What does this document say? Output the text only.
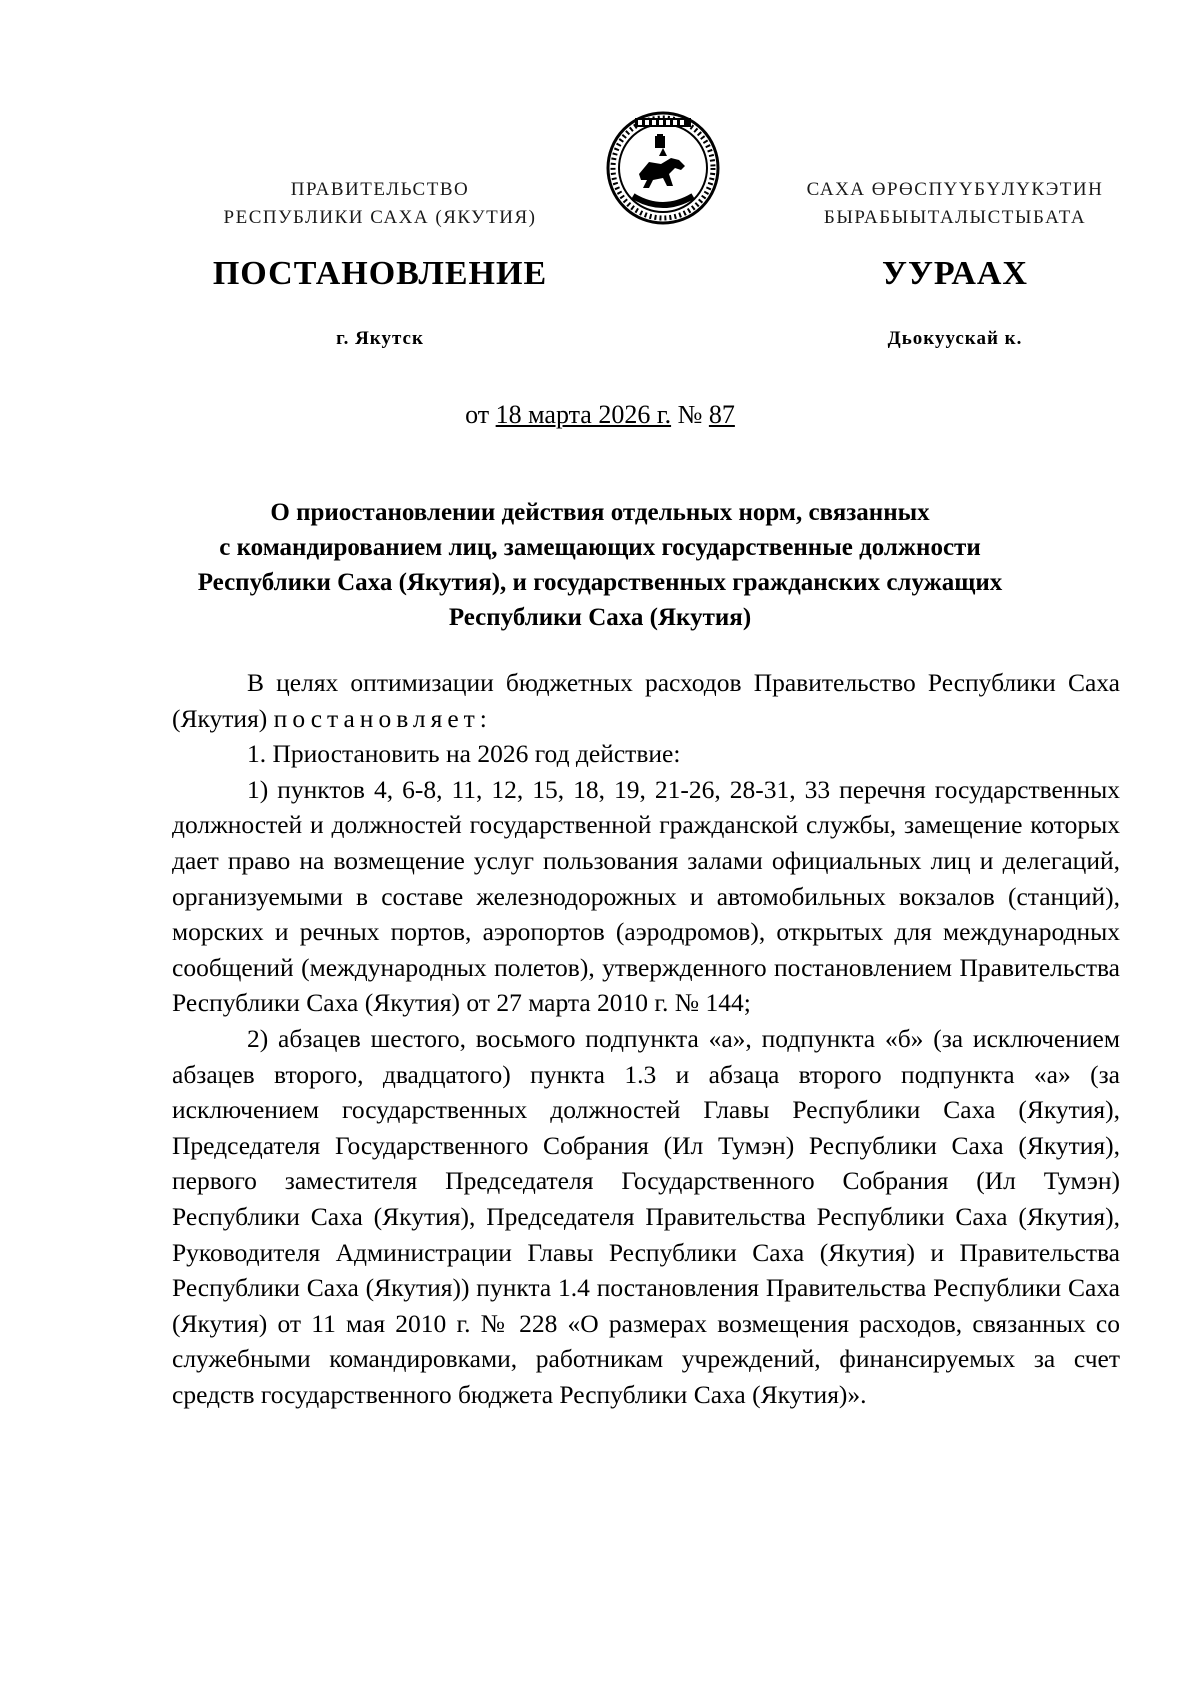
ПРАВИТЕЛЬСТВО
РЕСПУБЛИКИ САХА (ЯКУТИЯ)
САХА ӨРӨСПҮҮБҮЛҮКЭТИН
БЫРАБЫЫТАЛЫСТЫБАТА
ПОСТАНОВЛЕНИЕ	УУРААХ
г. Якутск	Дьокуускай к.
от 18 марта 2026 г. № 87
О приостановлении действия отдельных норм, связанных
с командированием лиц, замещающих государственные должности
Республики Саха (Якутия), и государственных гражданских служащих
Республики Саха (Якутия)

В целях оптимизации бюджетных расходов Правительство Республики Саха (Якутия) постановляет:

1. Приостановить на 2026 год действие:

1) пунктов 4, 6-8, 11, 12, 15, 18, 19, 21-26, 28-31, 33 перечня государственных должностей и должностей государственной гражданской службы, замещение которых дает право на возмещение услуг пользования залами официальных лиц и делегаций, организуемыми в составе железнодорожных и автомобильных вокзалов (станций), морских и речных портов, аэропортов (аэродромов), открытых для международных сообщений (международных полетов), утвержденного постановлением Правительства Республики Саха (Якутия) от 27 марта 2010 г. № 144;

2) абзацев шестого, восьмого подпункта «а», подпункта «б» (за исключением абзацев второго, двадцатого) пункта 1.3 и абзаца второго подпункта «а» (за исключением государственных должностей Главы Республики Саха (Якутия), Председателя Государственного Собрания (Ил Тумэн) Республики Саха (Якутия), первого заместителя Председателя Государственного Собрания (Ил Тумэн) Республики Саха (Якутия), Председателя Правительства Республики Саха (Якутия), Руководителя Администрации Главы Республики Саха (Якутия) и Правительства Республики Саха (Якутия)) пункта 1.4 постановления Правительства Республики Саха (Якутия) от 11 мая 2010 г. № 228 «О размерах возмещения расходов, связанных со служебными командировками, работникам учреждений, финансируемых за счет средств государственного бюджета Республики Саха (Якутия)».
